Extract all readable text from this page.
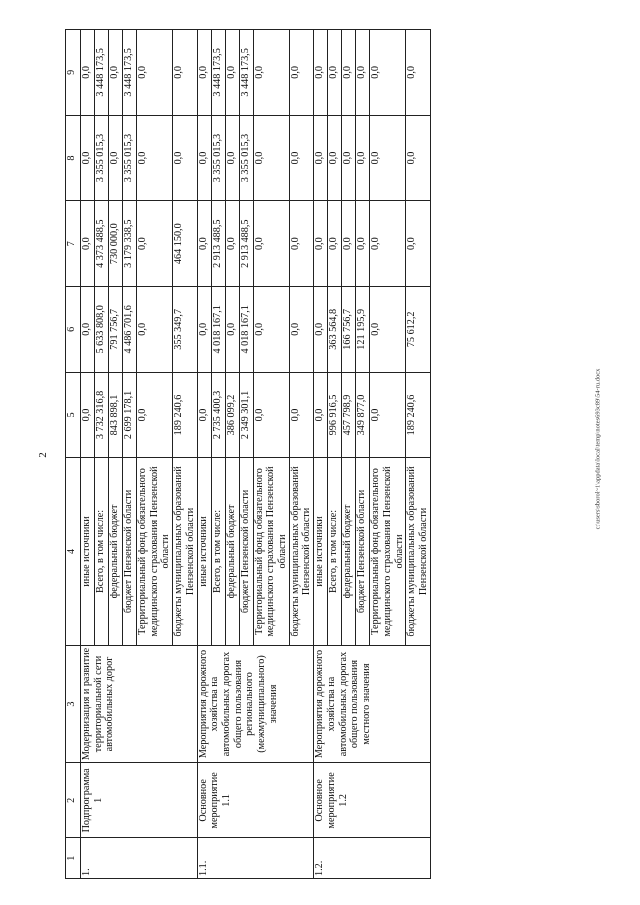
2
1	2	3	4	5	6	7	8	9
1.	Подпрограмма 1	Модернизация и развитие территориальной сети автомобильных дорог	иные источники	0,0	0,0	0,0	0,0	0,0
			Всего, в том числе:	3 732 316,8	5 633 808,0	4 373 488,5	3 355 015,3	3 448 173,5
			федеральный бюджет	843 898,1	791 756,7	730 000,0	0,0	0,0
			бюджет Пензенской области	2 699 178,1	4 486 701,6	3 179 338,5	3 355 015,3	3 448 173,5
			Территориальный фонд обязательного медицинского страхования Пензенской области	0,0	0,0	0,0	0,0	0,0
			бюджеты муниципальных образований Пензенской области	189 240,6	355 349,7	464 150,0	0,0	0,0
1.1.	Основное мероприятие 1.1	Мероприятия дорожного хозяйства на автомобильных дорогах общего пользования регионального (межмуниципального) значения	иные источники	0,0	0,0	0,0	0,0	0,0
			Всего, в том числе:	2 735 400,3	4 018 167,1	2 913 488,5	3 355 015,3	3 448 173,5
			федеральный бюджет	386 099,2	0,0	0,0	0,0	0,0
			бюджет Пензенской области	2 349 301,1	4 018 167,1	2 913 488,5	3 355 015,3	3 448 173,5
			Территориальный фонд обязательного медицинского страхования Пензенской области	0,0	0,0	0,0	0,0	0,0
			бюджеты муниципальных образований Пензенской области	0,0	0,0	0,0	0,0	0,0
1.2.	Основное мероприятие 1.2	Мероприятия дорожного хозяйства на автомобильных дорогах общего пользования местного значения	иные источники	0,0	0,0	0,0	0,0	0,0
			Всего, в том числе:	996 916,5	363 564,8	0,0	0,0	0,0
			федеральный бюджет	457 798,9	166 756,7	0,0	0,0	0,0
			бюджет Пензенской области	349 877,0	121 195,9	0,0	0,0	0,0
			Территориальный фонд обязательного медицинского страхования Пензенской области	0,0	0,0	0,0	0,0	0,0
			бюджеты муниципальных образований Пензенской области	189 240,6	75 612,2	0,0	0,0	0,0
c:\users\sborol~1\appdata\local\temp\notes693c89\54-ru.docx
